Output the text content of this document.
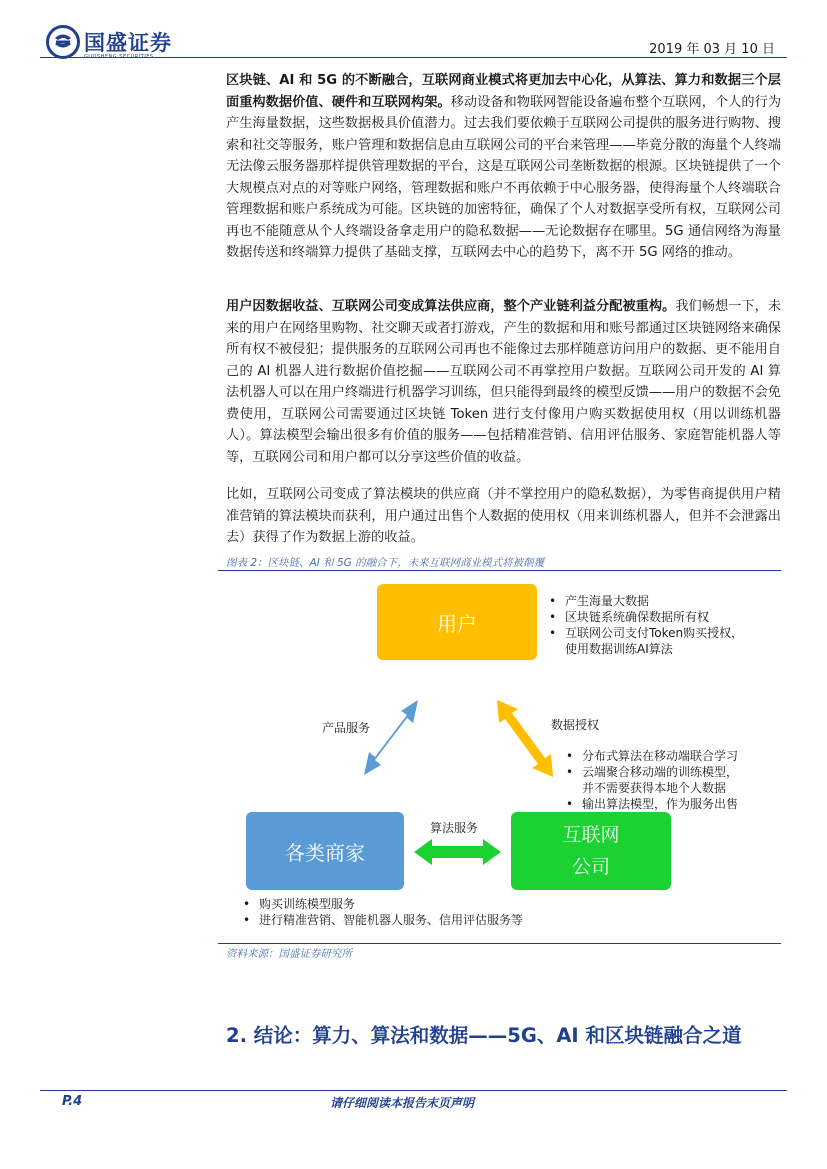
国盛证券
GUOSHENG SECURITIES	2019 年 03 月 10 日
区块链、AI 和 5G 的不断融合，互联网商业模式将更加去中心化，从算法、算力和数据三个层面重构数据价值、硬件和互联网构架。移动设备和物联网智能设备遍布整个互联网，个人的行为产生海量数据，这些数据极具价值潜力。过去我们要依赖于互联网公司提供的服务进行购物、搜索和社交等服务，账户管理和数据信息由互联网公司的平台来管理——毕竟分散的海量个人终端无法像云服务器那样提供管理数据的平台，这是互联网公司垄断数据的根源。区块链提供了一个大规模点对点的对等账户网络，管理数据和账户不再依赖于中心服务器，使得海量个人终端联合管理数据和账户系统成为可能。区块链的加密特征，确保了个人对数据享受所有权，互联网公司再也不能随意从个人终端设备拿走用户的隐私数据——无论数据存在哪里。5G 通信网络为海量数据传送和终端算力提供了基础支撑，互联网去中心的趋势下，离不开 5G 网络的推动。
用户因数据收益、互联网公司变成算法供应商，整个产业链利益分配被重构。我们畅想一下，未来的用户在网络里购物、社交聊天或者打游戏，产生的数据和用和账号都通过区块链网络来确保所有权不被侵犯；提供服务的互联网公司再也不能像过去那样随意访问用户的数据、更不能用自己的 AI 机器人进行数据价值挖掘——互联网公司不再掌控用户数据。互联网公司开发的 AI 算法机器人可以在用户终端进行机器学习训练，但只能得到最终的模型反馈——用户的数据不会免费使用，互联网公司需要通过区块链 Token 进行支付像用户购买数据使用权（用以训练机器人）。算法模型会输出很多有价值的服务——包括精准营销、信用评估服务、家庭智能机器人等等，互联网公司和用户都可以分享这些价值的收益。
比如，互联网公司变成了算法模块的供应商（并不掌控用户的隐私数据），为零售商提供用户精准营销的算法模块而获利，用户通过出售个人数据的使用权（用来训练机器人，但并不会泄露出去）获得了作为数据上游的收益。
图表 2：区块链、AI 和 5G 的融合下，未来互联网商业模式将被颠覆
用户
各类商家
互联网
公司
产品服务	数据授权
算法服务
• 产生海量大数据
• 区块链系统确保数据所有权
• 互联网公司支付Token购买授权，
使用数据训练AI算法
• 分布式算法在移动端联合学习
• 云端聚合移动端的训练模型，
并不需要获得本地个人数据
• 输出算法模型，作为服务出售
• 购买训练模型服务
• 进行精准营销、智能机器人服务、信用评估服务等
资料来源：国盛证券研究所
2. 结论：算力、算法和数据——5G、AI 和区块链融合之道
P.4	请仔细阅读本报告末页声明
